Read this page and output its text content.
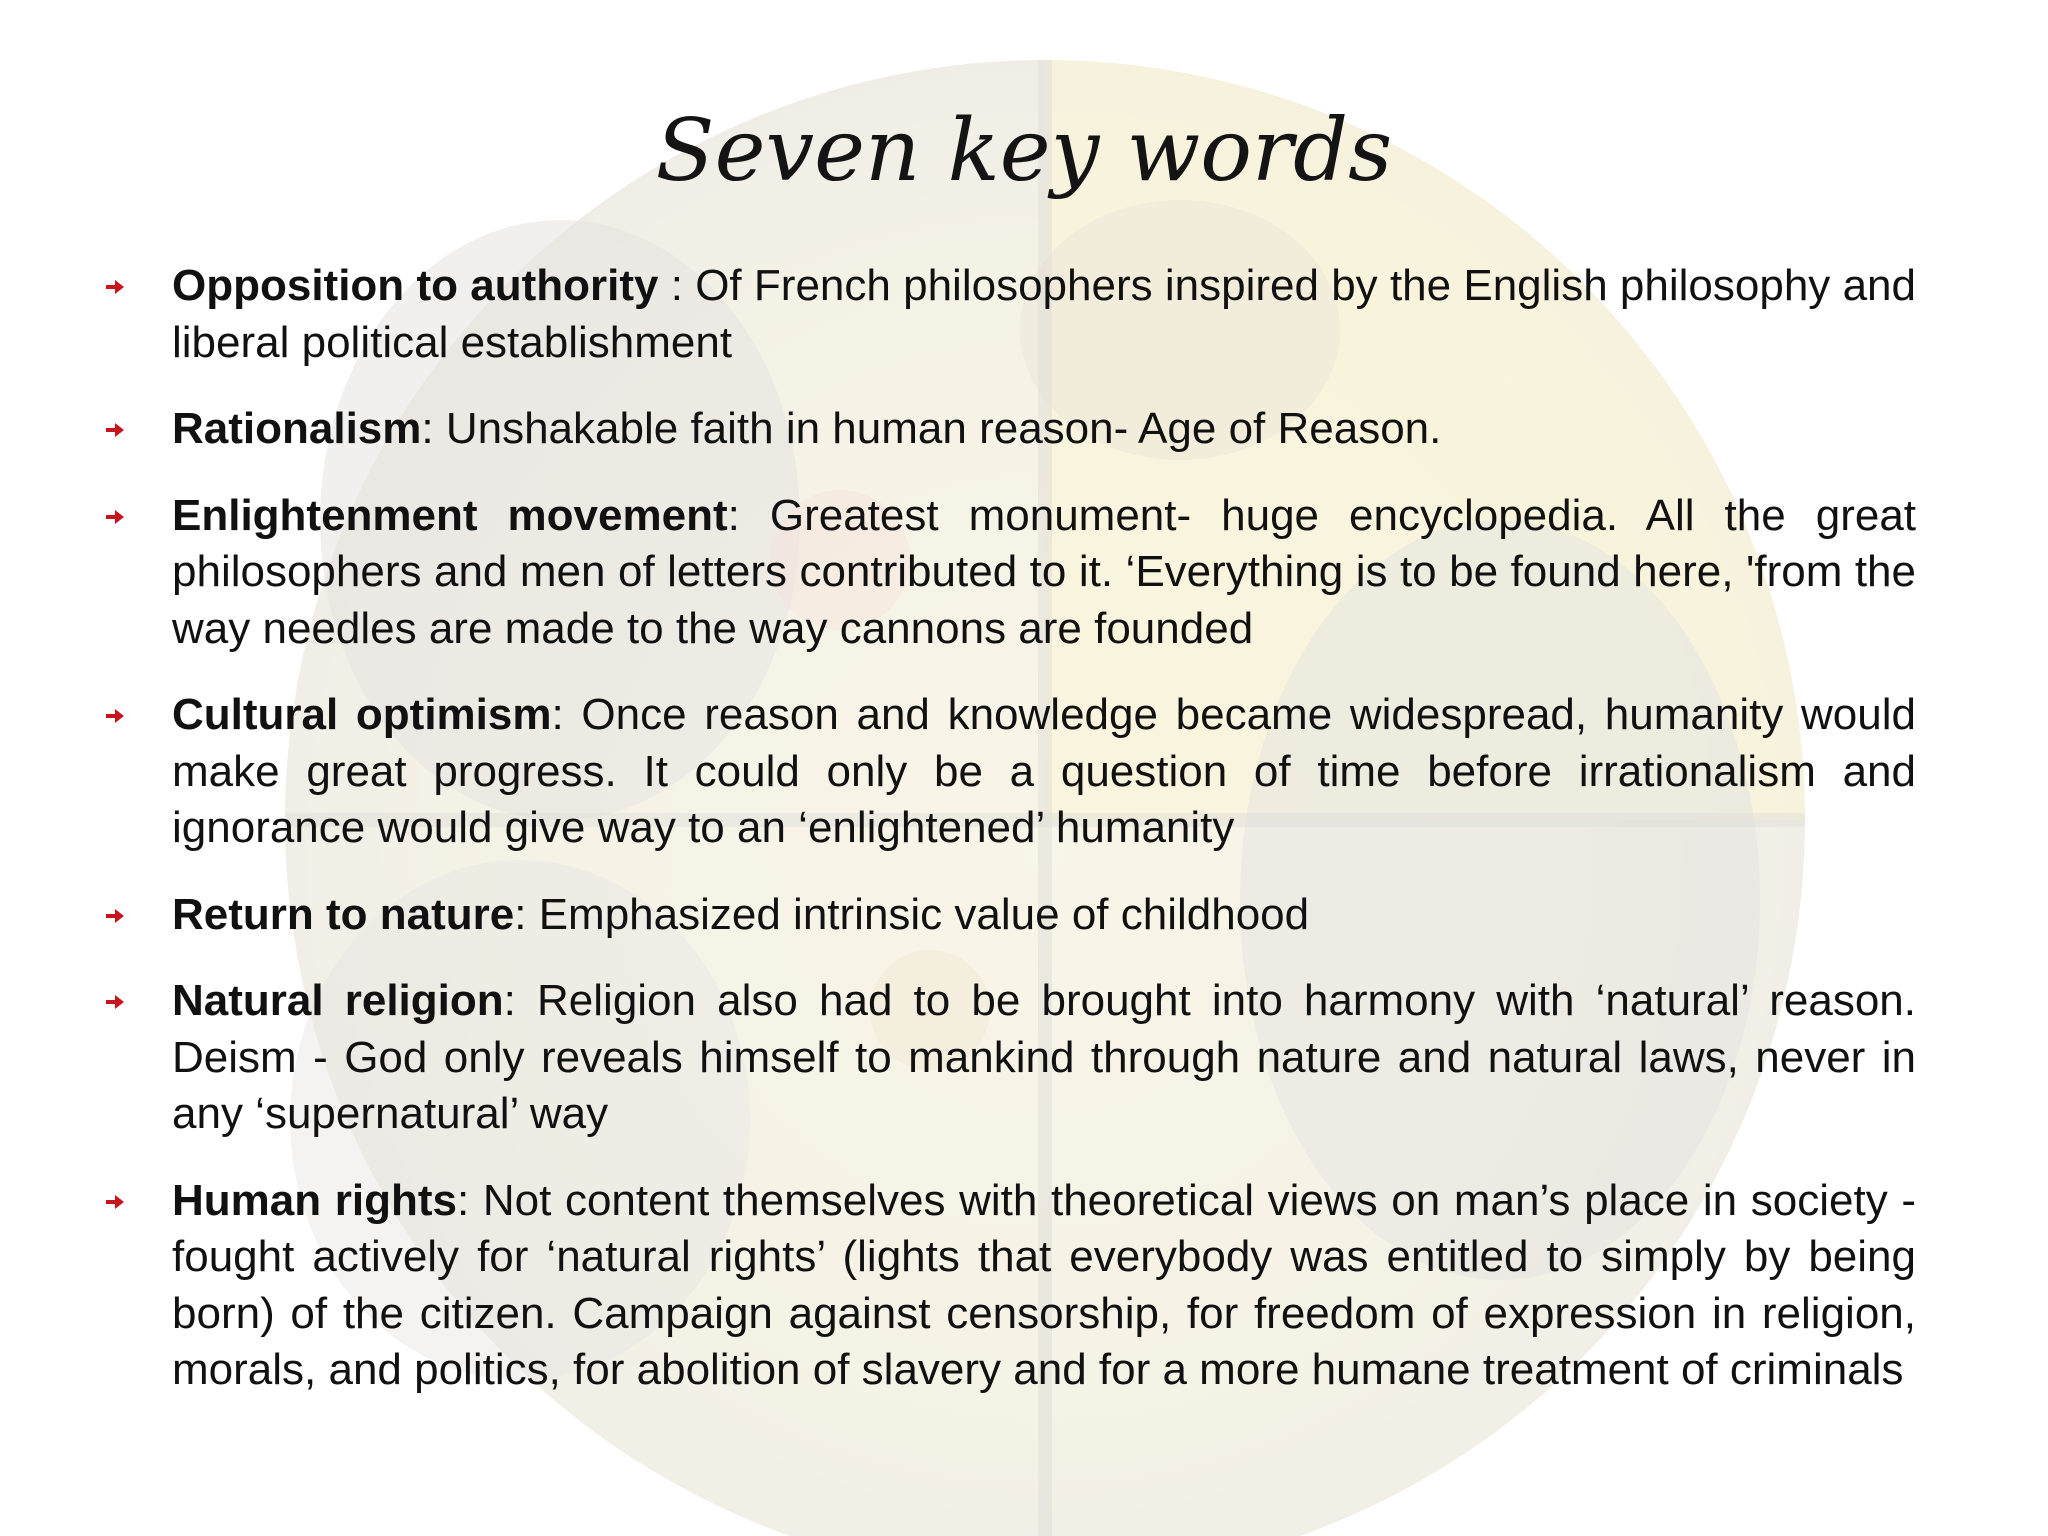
Seven key words
Opposition to authority : Of French philosophers inspired by the English philosophy and liberal political establishment
Rationalism: Unshakable faith in human reason- Age of Reason.
Enlightenment movement: Greatest monument- huge encyclopedia. All the great philosophers and men of letters contributed to it. ‘Everything is to be found here, 'from the way needles are made to the way cannons are founded
Cultural optimism: Once reason and knowledge became widespread, humanity would make great progress. It could only be a question of time before irrationalism and ignorance would give way to an ‘enlightened’ humanity
Return to nature: Emphasized intrinsic value of childhood
Natural religion: Religion also had to be brought into harmony with ‘natural’ reason. Deism - God only reveals himself to mankind through nature and natural laws, never in any ‘supernatural’ way
Human rights: Not content themselves with theoretical views on man’s place in society - fought actively for ‘natural rights’ (lights that everybody was entitled to simply by being born) of the citizen. Campaign against censorship, for freedom of expression in religion, morals, and politics, for abolition of slavery and for a more humane treatment of criminals
